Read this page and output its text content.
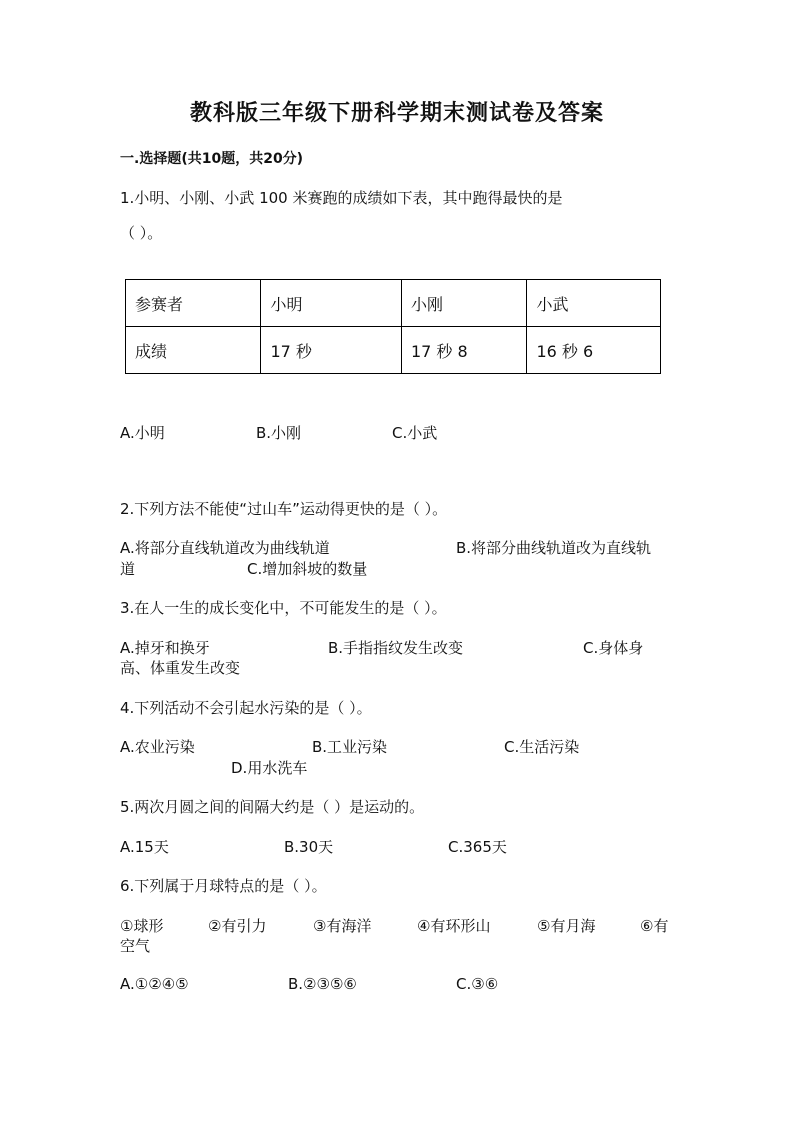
教科版三年级下册科学期末测试卷及答案
一.选择题(共10题，共20分)
1.小明、小刚、小武 100 米赛跑的成绩如下表，其中跑得最快的是
（ ）。
参赛者	小明	小刚	小武
成绩	17 秒	17 秒 8	16 秒 6
A.小明	B.小刚	C.小武
2.下列方法不能使“过山车”运动得更快的是（ ）。
A.将部分直线轨道改为曲线轨道	B.将部分曲线轨道改为直线轨
道	C.增加斜坡的数量
3.在人一生的成长变化中，不可能发生的是（ ）。
A.掉牙和换牙	B.手指指纹发生改变	C.身体身
高、体重发生改变
4.下列活动不会引起水污染的是（ ）。
A.农业污染	B.工业污染	C.生活污染
D.用水洗车
5.两次月圆之间的间隔大约是（ ）是运动的。
A.15天	B.30天	C.365天
6.下列属于月球特点的是（ ）。
①球形	②有引力	③有海洋	④有环形山	⑤有月海	⑥有
空气
A.①②④⑤	B.②③⑤⑥	C.③⑥
